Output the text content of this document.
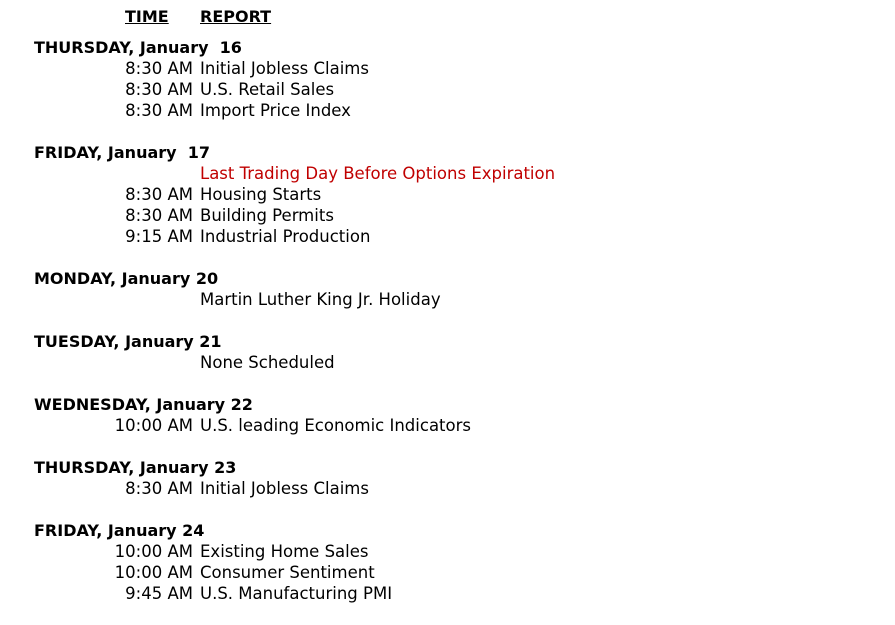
TIME	REPORT
THURSDAY, January  16
8:30 AM Initial Jobless Claims
8:30 AM U.S. Retail Sales
8:30 AM Import Price Index
FRIDAY, January  17
Last Trading Day Before Options Expiration
8:30 AM Housing Starts
8:30 AM Building Permits
9:15 AM Industrial Production
MONDAY, January 20
Martin Luther King Jr. Holiday
TUESDAY, January 21
None Scheduled
WEDNESDAY, January 22
10:00 AM U.S. leading Economic Indicators
THURSDAY, January 23
8:30 AM Initial Jobless Claims
FRIDAY, January 24
10:00 AM Existing Home Sales
10:00 AM Consumer Sentiment
9:45 AM U.S. Manufacturing PMI
